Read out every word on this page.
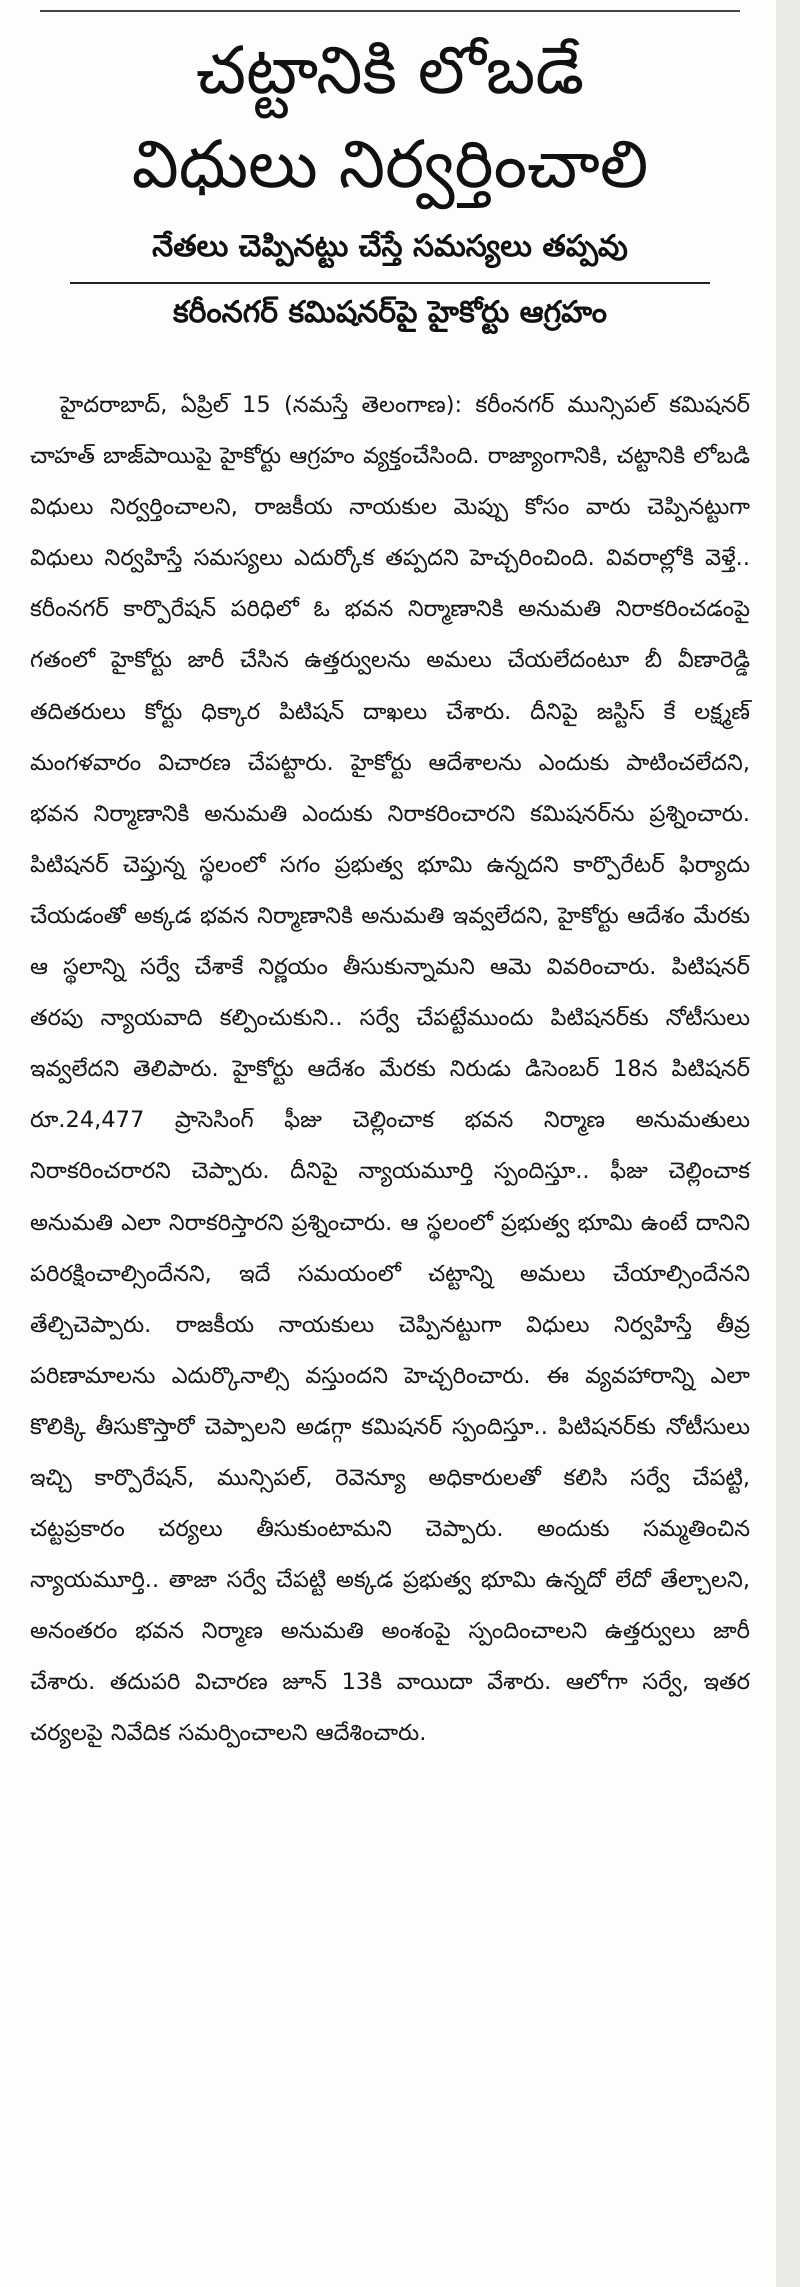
చట్టానికి లోబడే
విధులు నిర్వర్తించాలి
నేతలు చెప్పినట్టు చేస్తే సమస్యలు తప్పవు
కరీంనగర్ కమిషనర్‌పై హైకోర్టు ఆగ్రహం

హైదరాబాద్, ఏప్రిల్ 15 (నమస్తే తెలంగాణ): కరీంనగర్ మున్సిపల్ కమిషనర్ చాహత్ బాజ్‌పాయిపై హైకోర్టు ఆగ్రహం వ్యక్తంచేసింది. రాజ్యాంగానికి, చట్టానికి లోబడి విధులు నిర్వర్తించాలని, రాజకీయ నాయకుల మెప్పు కోసం వారు చెప్పినట్టుగా విధులు నిర్వహిస్తే సమస్యలు ఎదుర్కోక తప్పదని హెచ్చరించింది. వివరాల్లోకి వెళ్తే.. కరీంనగర్ కార్పొరేషన్ పరిధిలో ఓ భవన నిర్మాణానికి అనుమతి నిరాకరించడంపై గతంలో హైకోర్టు జారీ చేసిన ఉత్తర్వులను అమలు చేయలేదంటూ బీ వీణారెడ్డి తదితరులు కోర్టు ధిక్కార పిటిషన్ దాఖలు చేశారు. దీనిపై జస్టిస్ కే లక్ష్మణ్ మంగళవారం విచారణ చేపట్టారు. హైకోర్టు ఆదేశాలను ఎందుకు పాటించలేదని, భవన నిర్మాణానికి అనుమతి ఎందుకు నిరాకరించారని కమిషనర్‌ను ప్రశ్నించారు. పిటిషనర్ చెప్తున్న స్థలంలో సగం ప్రభుత్వ భూమి ఉన్నదని కార్పొరేటర్ ఫిర్యాదు చేయడంతో అక్కడ భవన నిర్మాణానికి అనుమతి ఇవ్వలేదని, హైకోర్టు ఆదేశం మేరకు ఆ స్థలాన్ని సర్వే చేశాకే నిర్ణయం తీసుకున్నామని ఆమె వివరించారు. పిటిషనర్ తరపు న్యాయవాది కల్పించుకుని.. సర్వే చేపట్టేముందు పిటిషనర్‌కు నోటీసులు ఇవ్వలేదని తెలిపారు. హైకోర్టు ఆదేశం మేరకు నిరుడు డిసెంబర్ 18న పిటిషనర్ రూ.24,477 ప్రాసెసింగ్ ఫీజు చెల్లించాక భవన నిర్మాణ అనుమతులు నిరాకరించరారని చెప్పారు. దీనిపై న్యాయమూర్తి స్పందిస్తూ.. ఫీజు చెల్లించాక అనుమతి ఎలా నిరాకరిస్తారని ప్రశ్నించారు. ఆ స్థలంలో ప్రభుత్వ భూమి ఉంటే దానిని పరిరక్షించాల్సిందేనని, ఇదే సమయంలో చట్టాన్ని అమలు చేయాల్సిందేనని తేల్చిచెప్పారు. రాజకీయ నాయకులు చెప్పినట్టుగా విధులు నిర్వహిస్తే తీవ్ర పరిణామాలను ఎదుర్కొనాల్సి వస్తుందని హెచ్చరించారు. ఈ వ్యవహారాన్ని ఎలా కొలిక్కి తీసుకొస్తారో చెప్పాలని అడగ్గా కమిషనర్ స్పందిస్తూ.. పిటిషనర్‌కు నోటీసులు ఇచ్చి కార్పొరేషన్, మున్సిపల్, రెవెన్యూ అధికారులతో కలిసి సర్వే చేపట్టి, చట్టప్రకారం చర్యలు తీసుకుంటామని చెప్పారు. అందుకు సమ్మతించిన న్యాయమూర్తి.. తాజా సర్వే చేపట్టి అక్కడ ప్రభుత్వ భూమి ఉన్నదో లేదో తేల్చాలని, అనంతరం భవన నిర్మాణ అనుమతి అంశంపై స్పందించాలని ఉత్తర్వులు జారీ చేశారు. తదుపరి విచారణ జూన్ 13కి వాయిదా వేశారు. ఆలోగా సర్వే, ఇతర చర్యలపై నివేదిక సమర్పించాలని ఆదేశించారు.
